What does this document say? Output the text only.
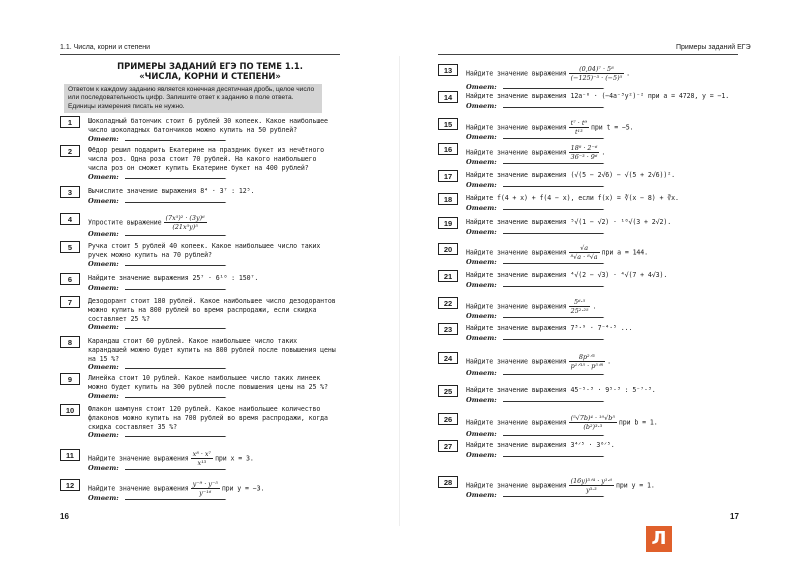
1.1. Числа, корни и степени
ПРИМЕРЫ ЗАДАНИЙ ЕГЭ ПО ТЕМЕ 1.1.
«ЧИСЛА, КОРНИ И СТЕПЕНИ»
Ответом к каждому заданию является конечная десятичная дробь, целое число или последовательность цифр. Запишите ответ к заданию в поле ответа. Единицы измерения писать не нужно.
1	Шоколадный батончик стоит 6 рублей 30 копеек. Какое наибольшее число шоколадных батончиков можно купить на 50 рублей?
Ответ:	.
2	Фёдор решил подарить Екатерине на праздник букет из нечётного числа роз. Одна роза стоит 70 рублей. На какого наибольшего числа роз он сможет купить Екатерине букет на 400 рублей?
Ответ:	.
3	Вычислите значение выражения 8⁴ · 3⁷ : 12⁵.
Ответ:	.
4	Упростите выражение $\frac{\text{(7x⁵)² · (3y)⁶}}{\text{(21x⁵y)⁵}}$
Ответ:	.
5	Ручка стоит 5 рублей 40 копеек. Какое наибольшее число таких ручек можно купить на 70 рублей?
Ответ:	.
6	Найдите значение выражения 25⁷ · 6¹⁰ : 150⁷.
Ответ:	.
7	Дезодорант стоит 180 рублей. Какое наибольшее число дезодорантов можно купить на 800 рублей во время распродажи, если скидка составляет 25 %?
Ответ:	.
8	Карандаш стоит 60 рублей. Какое наибольшее число таких карандашей можно будет купить на 800 рублей после повышения цены на 15 %?
Ответ:	.
9	Линейка стоит 10 рублей. Какое наибольшее число таких линеек можно будет купить на 300 рублей после повышения цены на 25 %?
Ответ:	.
10	Флакон шампуня стоит 120 рублей. Какое наибольшее количество флаконов можно купить на 700 рублей во время распродажи, когда скидка составляет 35 %?
Ответ:	.
11	Найдите значение выражения $\frac{\text{x⁸ · x⁷}}{\text{x¹³}}$ при x = 3.
Ответ:	.
12	Найдите значение выражения $\frac{\text{y⁻⁹ · y⁻⁵}}{\text{y⁻¹⁶}}$ при y = −3.
Ответ:	.
16
Примеры заданий ЕГЭ
13	Найдите значение выражения $\frac{\text{(0,04)⁷ · 5⁸}}{\text{(−125)⁻³ · (−5)⁵}}$ .
Ответ:	.
14	Найдите значение выражения 12a⁻⁶ · (−4a⁻³y²)⁻² при a = 4728, y = −1.
Ответ:	.
15	Найдите значение выражения $\frac{\text{t⁷ · t⁹}}{\text{t¹³}}$ при t = −5.
Ответ:	.
16	Найдите значение выражения $\frac{\text{18⁸ · 2⁻⁶}}{\text{36⁻³ · 9⁶}}$ .
Ответ:	.
17	Найдите значение выражения (√(5 − 2√6) − √(5 + 2√6))².
Ответ:	.
18	Найдите f(4 + x) + f(4 − x), если f(x) = ∛(x − 8) + ∛x.
Ответ:	.
19	Найдите значение выражения ⁵√(1 − √2) · ¹⁰√(3 + 2√2).
Ответ:	.
20	Найдите значение выражения $\frac{√a}{\text{⁸√a · ⁸√a}}$ при a = 144.
Ответ:	.
21	Найдите значение выражения ⁴√(2 − √3) · ⁴√(7 + 4√3).
Ответ:	.
22	Найдите значение выражения $\frac{\text{5⁶·⁵}}{\text{25²·²⁵}}$ .
Ответ:	.
23	Найдите значение выражения 7³·⁹ · 7⁻⁴·⁵ ...
Ответ:	.
24	Найдите значение выражения $\frac{\text{8p²ᐟ³}}{\text{p¹ᐟ¹⁵ · p⁵ᐟ⁸}}$ .
Ответ:	.
25	Найдите значение выражения 45⁻⁵·³ · 9⁵·³ : 5⁻⁷·³.
Ответ:	.
26	Найдите значение выражения $\frac{\text{(⁵√7b)⁴ · ¹⁰√b⁵}}{\text{(b²)³·³}}$ при b = 1.
Ответ:	.
27	Найдите значение выражения 3⁴ᐟ⁵ · 3⁶ᐟ⁵.
Ответ:	.
28	Найдите значение выражения $\frac{\text{(16y)³ᐟ⁴ · y¹·⁶}}{\text{y³·³}}$ при y = 1.
Ответ:	.
17
Л
